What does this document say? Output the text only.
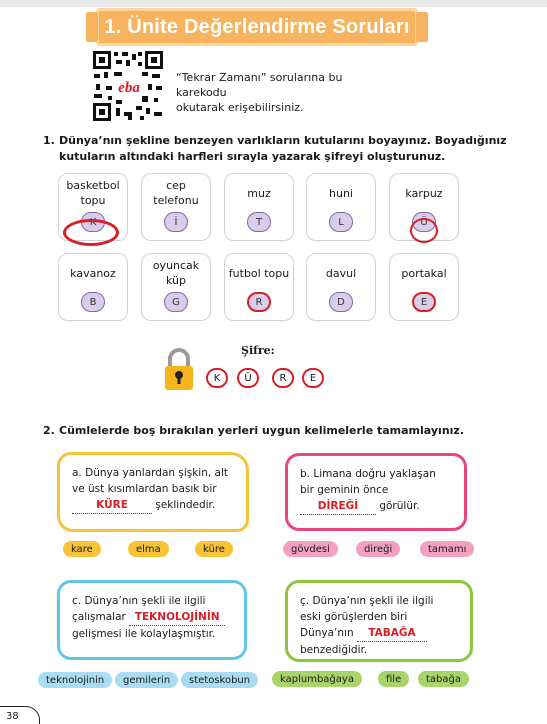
1. Ünite Değerlendirme Soruları
eba
“Tekrar Zamanı” sorularına bu karekodu
okutarak erişebilirsiniz.
1. Dünya’nın şekline benzeyen varlıkların kutularını boyayınız. Boyadığınız
kutuların altındaki harfleri sırayla yazarak şifreyi oluşturunuz.
basketbol topu
K
cep telefonu
İ
muz
T
huni
L
karpuz
Ü
kavanoz
B
oyuncak küp
G
futbol topu
R
davul
D
portakal
E
Şifre:
K	Ü	R	E
2. Cümlelerde boş bırakılan yerleri uygun kelimelerle tamamlayınız.
a. Dünya yanlardan şişkin, alt
ve üst kısımlardan basık bir
KÜRE	şeklindedir.
kare	elma	küre
b. Limana doğru yaklaşan
bir geminin önce
DİREĞİ görülür.
gövdesi	direği	tamamı
c. Dünya’nın şekli ile ilgili
çalışmalar TEKNOLOJİNİN
gelişmesi ile kolaylaşmıştır.
teknolojinin	gemilerin	stetoskobun
ç. Dünya’nın şekli ile ilgili
eski görüşlerden biri
Dünya’nın TABAĞA
benzediğidir.
kaplumbağaya	file	tabağa
38
